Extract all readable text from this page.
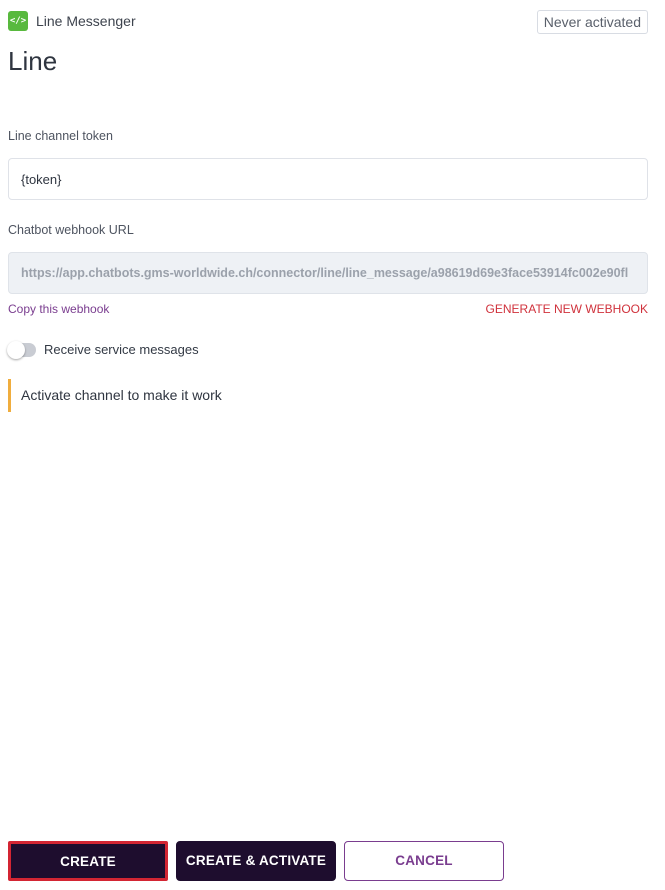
</> Line Messenger	Never activated
Line
Line channel token
{token}
Chatbot webhook URL
https://app.chatbots.gms-worldwide.ch/connector/line/line_message/a98619d69e3face53914fc002e90fl
Copy this webhook	GENERATE NEW WEBHOOK
Receive service messages
Activate channel to make it work
CREATE	CREATE & ACTIVATE	CANCEL
